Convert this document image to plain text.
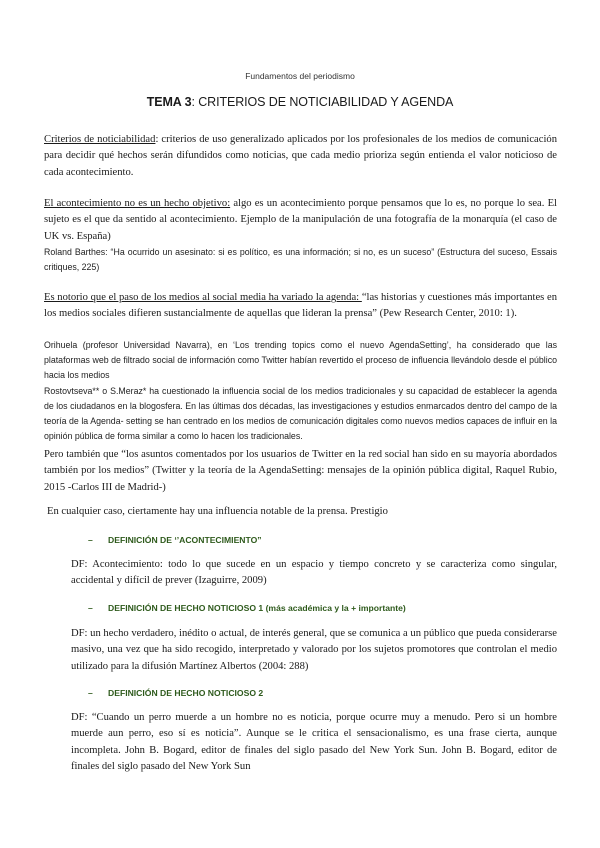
Fundamentos del periodismo
TEMA 3: CRITERIOS DE NOTICIABILIDAD Y AGENDA

Criterios de noticiabilidad: criterios de uso generalizado aplicados por los profesionales de los medios de comunicación para decidir qué hechos serán difundidos como noticias, que cada medio prioriza según entienda el valor noticioso de cada acontecimiento.

El acontecimiento no es un hecho objetivo: algo es un acontecimiento porque pensamos que lo es, no porque lo sea. El sujeto es el que da sentido al acontecimiento. Ejemplo de la manipulación de una fotografía de la monarquía (el caso de UK vs. España)

Roland Barthes: “Ha ocurrido un asesinato: si es político, es una información; si no, es un suceso” (Estructura del suceso, Essais critiques, 225)

Es notorio que el paso de los medios al social media ha variado la agenda: “las historias y cuestiones más importantes en los medios sociales difieren sustancialmente de aquellas que lideran la prensa” (Pew Research Center, 2010: 1).

Orihuela (profesor Universidad Navarra), en ‘Los trending topics como el nuevo AgendaSetting’, ha considerado que las plataformas web de filtrado social de información como Twitter habían revertido el proceso de influencia llevándolo desde el público hacia los medios

Rostovtseva** o S.Meraz* ha cuestionado la influencia social de los medios tradicionales y su capacidad de establecer la agenda de los ciudadanos en la blogosfera. En las últimas dos décadas, las investigaciones y estudios enmarcados dentro del campo de la teoría de la Agenda- setting se han centrado en los medios de comunicación digitales como nuevos medios capaces de influir en la opinión pública de forma similar a como lo hacen los tradicionales.

Pero también que “los asuntos comentados por los usuarios de Twitter en la red social han sido en su mayoría abordados también por los medios” (Twitter y la teoría de la AgendaSetting: mensajes de la opinión pública digital, Raquel Rubio, 2015 -Carlos III de Madrid-)

En cualquier caso, ciertamente hay una influencia notable de la prensa. Prestigio

– DEFINICIÓN DE ‘’ACONTECIMIENTO”

DF: Acontecimiento: todo lo que sucede en un espacio y tiempo concreto y se caracteriza como singular, accidental y difícil de prever (Izaguirre, 2009)

– DEFINICIÓN DE HECHO NOTICIOSO 1 (más académica y la + importante)

DF: un hecho verdadero, inédito o actual, de interés general, que se comunica a un público que pueda considerarse masivo, una vez que ha sido recogido, interpretado y valorado por los sujetos promotores que controlan el medio utilizado para la difusión Martínez Albertos (2004: 288)

– DEFINICIÓN DE HECHO NOTICIOSO 2

DF: “Cuando un perro muerde a un hombre no es noticia, porque ocurre muy a menudo. Pero si un hombre muerde aun perro, eso sí es noticia”. Aunque se le critica el sensacionalismo, es una frase cierta, aunque incompleta. John B. Bogard, editor de finales del siglo pasado del New York Sun. John B. Bogard, editor de finales del siglo pasado del New York Sun
